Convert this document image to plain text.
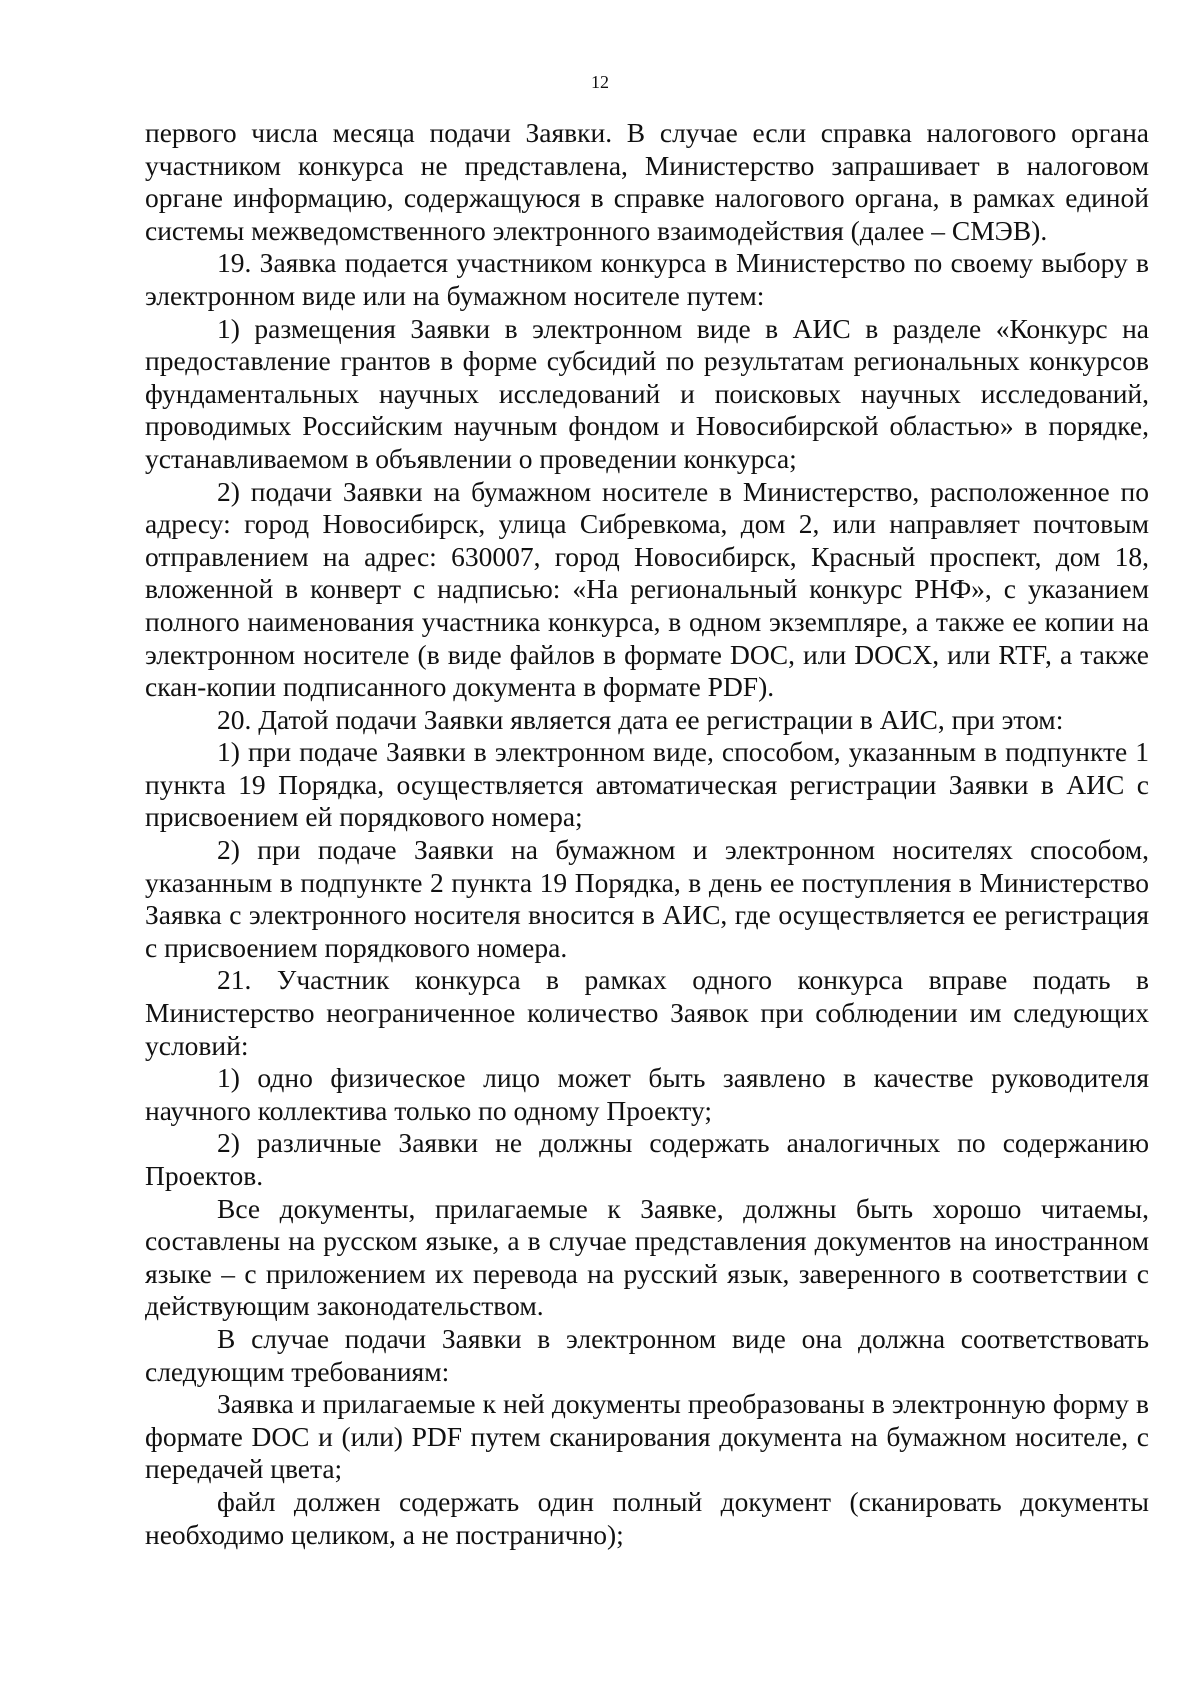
12

первого числа месяца подачи Заявки. В случае если справка налогового органа участником конкурса не представлена, Министерство запрашивает в налоговом органе информацию, содержащуюся в справке налогового органа, в рамках единой системы межведомственного электронного взаимодействия (далее – СМЭВ).

19. Заявка подается участником конкурса в Министерство по своему выбору в электронном виде или на бумажном носителе путем:

1) размещения Заявки в электронном виде в АИС в разделе «Конкурс на предоставление грантов в форме субсидий по результатам региональных конкурсов фундаментальных научных исследований и поисковых научных исследований, проводимых Российским научным фондом и Новосибирской областью» в порядке, устанавливаемом в объявлении о проведении конкурса;

2) подачи Заявки на бумажном носителе в Министерство, расположенное по адресу: город Новосибирск, улица Сибревкома, дом 2, или направляет почтовым отправлением на адрес: 630007, город Новосибирск, Красный проспект, дом 18, вложенной в конверт с надписью: «На региональный конкурс РНФ», с указанием полного наименования участника конкурса, в одном экземпляре, а также ее копии на электронном носителе (в виде файлов в формате DOC, или DOCX, или RTF, а также скан-копии подписанного документа в формате PDF).

20. Датой подачи Заявки является дата ее регистрации в АИС, при этом:

1) при подаче Заявки в электронном виде, способом, указанным в подпункте 1 пункта 19 Порядка, осуществляется автоматическая регистрации Заявки в АИС с присвоением ей порядкового номера;

2) при подаче Заявки на бумажном и электронном носителях способом, указанным в подпункте 2 пункта 19 Порядка, в день ее поступления в Министерство Заявка с электронного носителя вносится в АИС, где осуществляется ее регистрация с присвоением порядкового номера.

21. Участник конкурса в рамках одного конкурса вправе подать в Министерство неограниченное количество Заявок при соблюдении им следующих условий:

1) одно физическое лицо может быть заявлено в качестве руководителя научного коллектива только по одному Проекту;

2) различные Заявки не должны содержать аналогичных по содержанию Проектов.

Все документы, прилагаемые к Заявке, должны быть хорошо читаемы, составлены на русском языке, а в случае представления документов на иностранном языке – с приложением их перевода на русский язык, заверенного в соответствии с действующим законодательством.

В случае подачи Заявки в электронном виде она должна соответствовать следующим требованиям:

Заявка и прилагаемые к ней документы преобразованы в электронную форму в формате DOC и (или) PDF путем сканирования документа на бумажном носителе, с передачей цвета;

файл должен содержать один полный документ (сканировать документы необходимо целиком, а не постранично);
